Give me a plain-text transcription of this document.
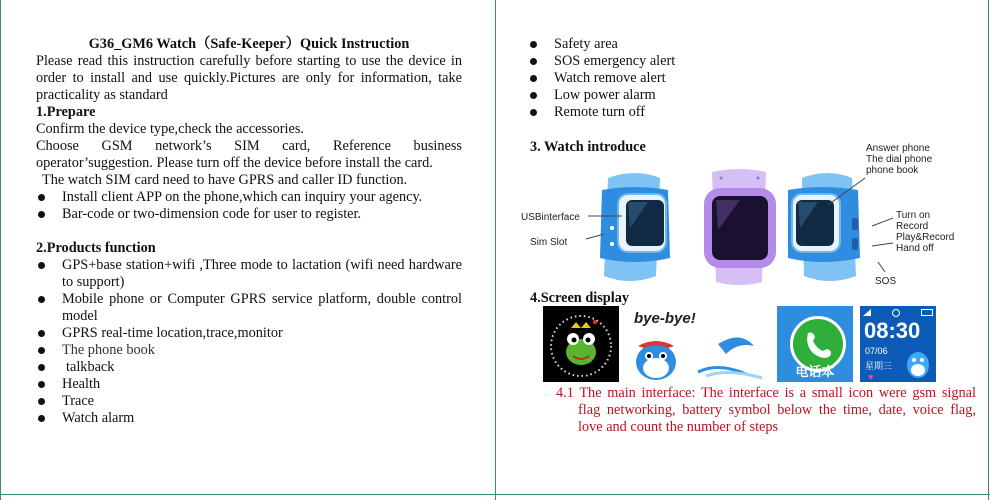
G36_GM6 Watch（Safe-Keeper）Quick Instruction
Please read this instruction carefully before starting to use the device in order to install and use quickly.Pictures are only for information, take practicality as standard
1.Prepare
Confirm the device type,check the accessories.
Choose GSM network’s SIM card, Reference business
operator’suggestion. Please turn off the device before install the card.
The watch SIM card need to have GPRS and caller ID function.
Install client APP on the phone,which can inquiry your agency.
Bar-code or two-dimension code for user to register.
2.Products function
GPS+base station+wifi ,Three mode to lactation (wifi need hardware to support)
Mobile phone or Computer GPRS service platform, double control model
GPRS real-time location,trace,monitor
The phone book
talkback
Health
Trace
Watch alarm
Safety area
SOS emergency alert
Watch remove alert
Low power alarm
Remote turn off
3. Watch introduce	Answer phone
The dial phone
phone book
USBinterface
Sim Slot
Turn on
Record
Play&Record
Hand off
SOS
4.Screen display
bye-bye!
电话本
08:30
07/06
星期三
♥
4.1 The main interface: The interface is a small icon were gsm signal flag networking, battery symbol below the time, date, voice flag, love and count the number of steps
